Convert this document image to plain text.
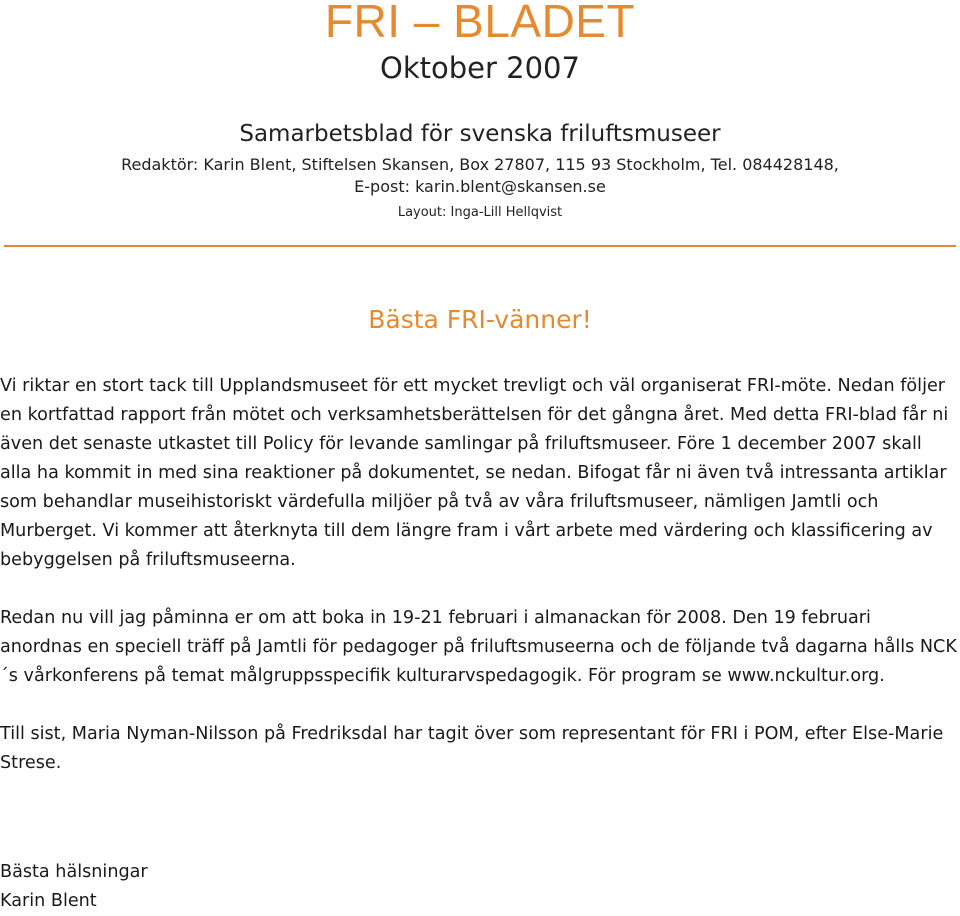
FRI – BLADET
Oktober 2007
Samarbetsblad för svenska friluftsmuseer
Redaktör: Karin Blent, Stiftelsen Skansen, Box 27807, 115 93 Stockholm, Tel. 084428148,
E-post: karin.blent@skansen.se
Layout: Inga-Lill Hellqvist
Bästa FRI-vänner!

Vi riktar en stort tack till Upplandsmuseet för ett mycket trevligt och väl organiserat FRI-möte. Nedan följer en kortfattad rapport från mötet och verksamhetsberättelsen för det gångna året. Med detta FRI-blad får ni även det senaste utkastet till Policy för levande samlingar på friluftsmuseer. Före 1 december 2007 skall alla ha kommit in med sina reaktioner på dokumentet, se nedan. Bifogat får ni även två intressanta artiklar som behandlar museihistoriskt värdefulla miljöer på två av våra friluftsmuseer, nämligen Jamtli och Murberget. Vi kommer att återknyta till dem längre fram i vårt arbete med värdering och klassificering av bebyggelsen på friluftsmuseerna.

Redan nu vill jag påminna er om att boka in 19-21 februari i almanackan för 2008. Den 19 februari anordnas en speciell träff på Jamtli för pedagoger på friluftsmuseerna och de följande två dagarna hålls NCK´s vårkonferens på temat målgruppsspecifik kulturarvspedagogik. För program se www.nckultur.org.

Till sist, Maria Nyman-Nilsson på Fredriksdal har tagit över som representant för FRI i POM, efter Else-Marie Strese.

Bästa hälsningar
Karin Blent
